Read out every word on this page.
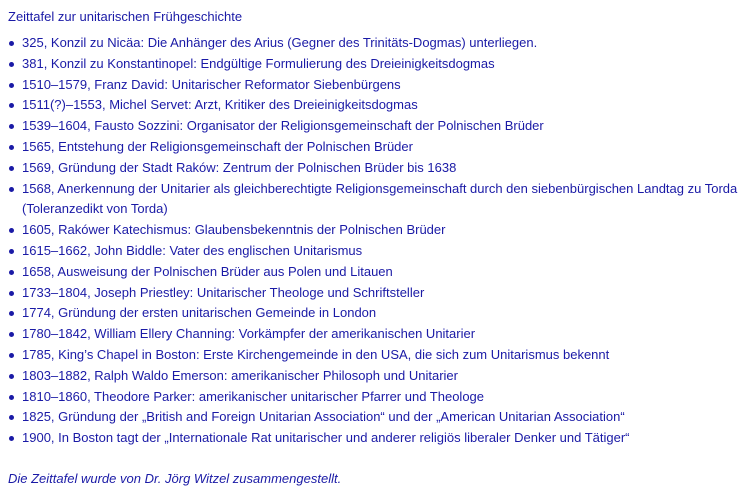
Zeittafel zur unitarischen Frühgeschichte
325, Konzil zu Nicäa: Die Anhänger des Arius (Gegner des Trinitäts-Dogmas) unterliegen.
381, Konzil zu Konstantinopel: Endgültige Formulierung des Dreieinigkeitsdogmas
1510–1579, Franz David: Unitarischer Reformator Siebenbürgens
1511(?)–1553, Michel Servet: Arzt, Kritiker des Dreieinigkeitsdogmas
1539–1604, Fausto Sozzini: Organisator der Religionsgemeinschaft der Polnischen Brüder
1565, Entstehung der Religionsgemeinschaft der Polnischen Brüder
1569, Gründung der Stadt Raków: Zentrum der Polnischen Brüder bis 1638
1568, Anerkennung der Unitarier als gleichberechtigte Religionsgemeinschaft durch den siebenbürgischen Landtag zu Torda (Toleranzedikt von Torda)
1605, Rakówer Katechismus: Glaubensbekenntnis der Polnischen Brüder
1615–1662, John Biddle: Vater des englischen Unitarismus
1658, Ausweisung der Polnischen Brüder aus Polen und Litauen
1733–1804, Joseph Priestley: Unitarischer Theologe und Schriftsteller
1774, Gründung der ersten unitarischen Gemeinde in London
1780–1842, William Ellery Channing: Vorkämpfer der amerikanischen Unitarier
1785, King’s Chapel in Boston: Erste Kirchengemeinde in den USA, die sich zum Unitarismus bekennt
1803–1882, Ralph Waldo Emerson: amerikanischer Philosoph und Unitarier
1810–1860, Theodore Parker: amerikanischer unitarischer Pfarrer und Theologe
1825, Gründung der „British and Foreign Unitarian Association“ und der „American Unitarian Association“
1900, In Boston tagt der „Internationale Rat unitarischer und anderer religiös liberaler Denker und Tätiger“
Die Zeittafel wurde von Dr. Jörg Witzel zusammengestellt.
